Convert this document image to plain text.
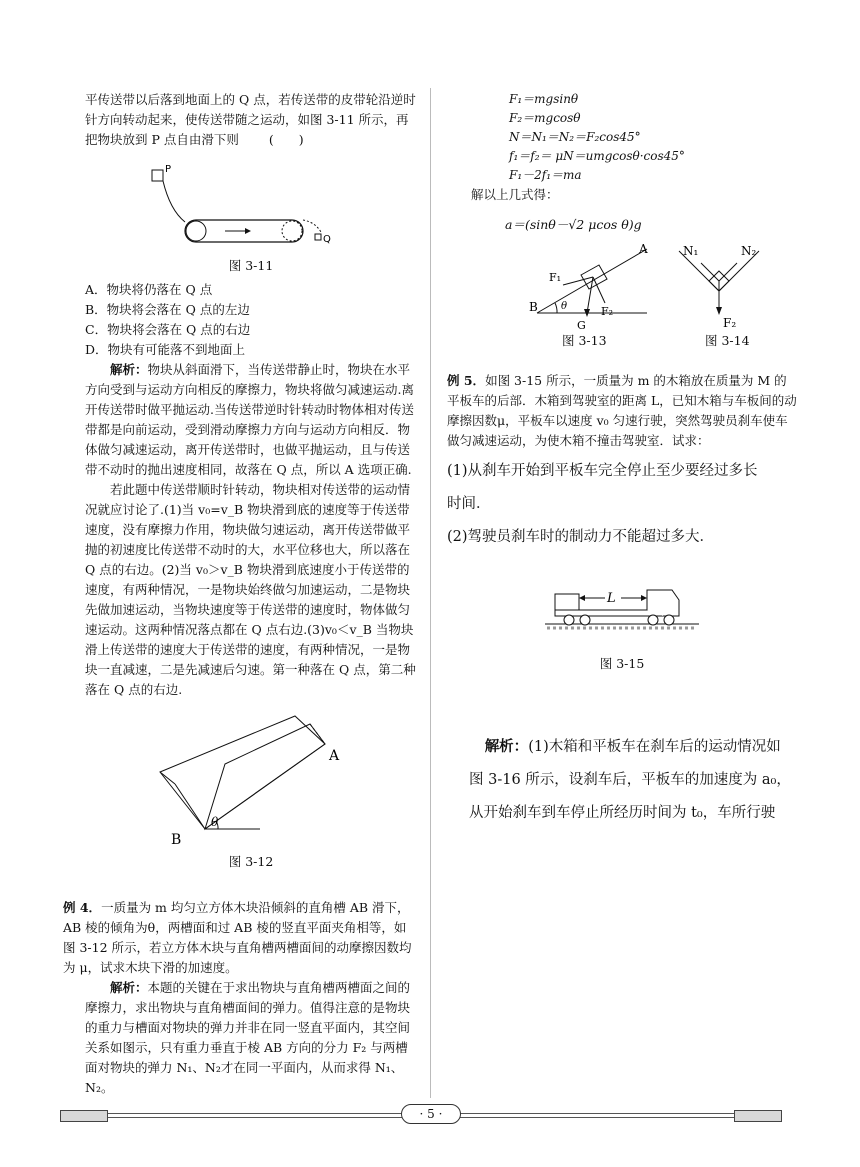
平传送带以后落到地面上的 Q 点，若传送带的皮带轮沿逆时针方向转动起来，使传送带随之运动，如图 3-11 所示，再把物块放到 P 点自由滑下则 (　　)

P
Q

图 3-11

A．物块将仍落在 Q 点

B．物块将会落在 Q 点的左边

C．物块将会落在 Q 点的右边

D．物块有可能落不到地面上

解析：物块从斜面滑下，当传送带静止时，物块在水平方向受到与运动方向相反的摩擦力，物块将做匀减速运动.离开传送带时做平抛运动.当传送带逆时针转动时物体相对传送带都是向前运动，受到滑动摩擦力方向与运动方向相反．物体做匀减速运动，离开传送带时，也做平抛运动，且与传送带不动时的抛出速度相同，故落在 Q 点，所以 A 选项正确.

若此题中传送带顺时针转动，物块相对传送带的运动情况就应讨论了.(1)当 v₀=v_B 物块滑到底的速度等于传送带速度，没有摩擦力作用，物块做匀速运动，离开传送带做平抛的初速度比传送带不动时的大，水平位移也大，所以落在 Q 点的右边。(2)当 v₀＞v_B 物块滑到底速度小于传送带的速度，有两种情况，一是物块始终做匀加速运动，二是物块先做加速运动，当物块速度等于传送带的速度时，物体做匀速运动。这两种情况落点都在 Q 点右边.(3)v₀＜v_B 当物块滑上传送带的速度大于传送带的速度，有两种情况，一是物块一直减速，二是先减速后匀速。第一种落在 Q 点，第二种落在 Q 点的右边.

θ
A
B

图 3-12

例 4．一质量为 m 均匀立方体木块沿倾斜的直角槽 AB 滑下，AB 棱的倾角为θ，两槽面和过 AB 棱的竖直平面夹角相等，如图 3-12 所示，若立方体木块与直角槽两槽面间的动摩擦因数均为 μ，试求木块下滑的加速度。

解析：本题的关键在于求出物块与直角槽两槽面之间的摩擦力，求出物块与直角槽面间的弹力。值得注意的是物块的重力与槽面对物块的弹力并非在同一竖直平面内，其空间关系如图示，只有重力垂直于棱 AB 方向的分力 F₂ 与两槽面对物块的弹力 N₁、N₂才在同一平面内，从而求得 N₁、N₂。

F₁＝mgsinθ

F₂＝mgcosθ

N＝N₁＝N₂＝F₂cos45°

f₁＝f₂＝ μN＝umgcosθ·cos45°

F₁－2f₁＝ma

解以上几式得：

a＝(sinθ－√2 μcos θ)g

A
B
F₁
F₂
G
θ
N₁	N₂
F₂
图 3-13	图 3-14

例 5．如图 3-15 所示，一质量为 m 的木箱放在质量为 M 的平板车的后部．木箱到驾驶室的距离 L，已知木箱与车板间的动摩擦因数μ，平板车以速度 v₀ 匀速行驶，突然驾驶员刹车使车做匀减速运动，为使木箱不撞击驾驶室．试求：

(1)从刹车开始到平板车完全停止至少要经过多长

时间．

(2)驾驶员刹车时的制动力不能超过多大．

L

图 3-15

解析：(1)木箱和平板车在刹车后的运动情况如

图 3-16 所示，设刹车后，平板车的加速度为 a₀，

从开始刹车到车停止所经历时间为 t₀，车所行驶

· 5 ·
